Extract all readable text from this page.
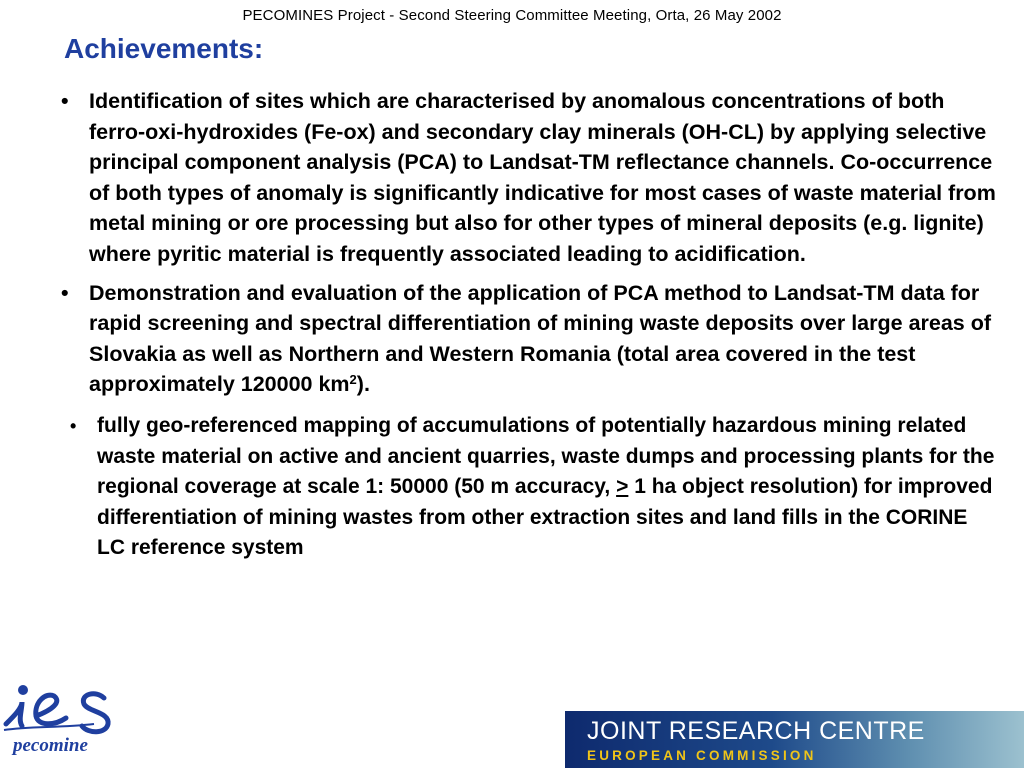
PECOMINES Project - Second Steering Committee Meeting, Orta, 26 May 2002
Achievements:
• Identification of sites which are characterised by anomalous concentrations of both ferro-oxi-hydroxides (Fe-ox) and secondary clay minerals (OH-CL) by applying selective principal component analysis (PCA) to Landsat-TM reflectance channels. Co-occurrence of both types of anomaly is significantly indicative for most cases of waste material from metal mining or ore processing but also for other types of mineral deposits (e.g. lignite) where pyritic material is frequently associated leading to acidification.
• Demonstration and evaluation of the application of PCA method to Landsat-TM data for rapid screening and spectral differentiation of mining waste deposits over large areas of Slovakia as well as Northern and Western Romania (total area covered in the test approximately 120000 $km^2$).
• fully geo-referenced mapping of accumulations of potentially hazardous mining related waste material on active and ancient quarries, waste dumps and processing plants for the regional coverage at scale 1: 50000 (50 m accuracy, > 1 ha object resolution) for improved differentiation of mining wastes from other extraction sites and land fills in the CORINE LC reference system
pecomine
JOINT RESEARCH CENTRE
EUROPEAN COMMISSION
